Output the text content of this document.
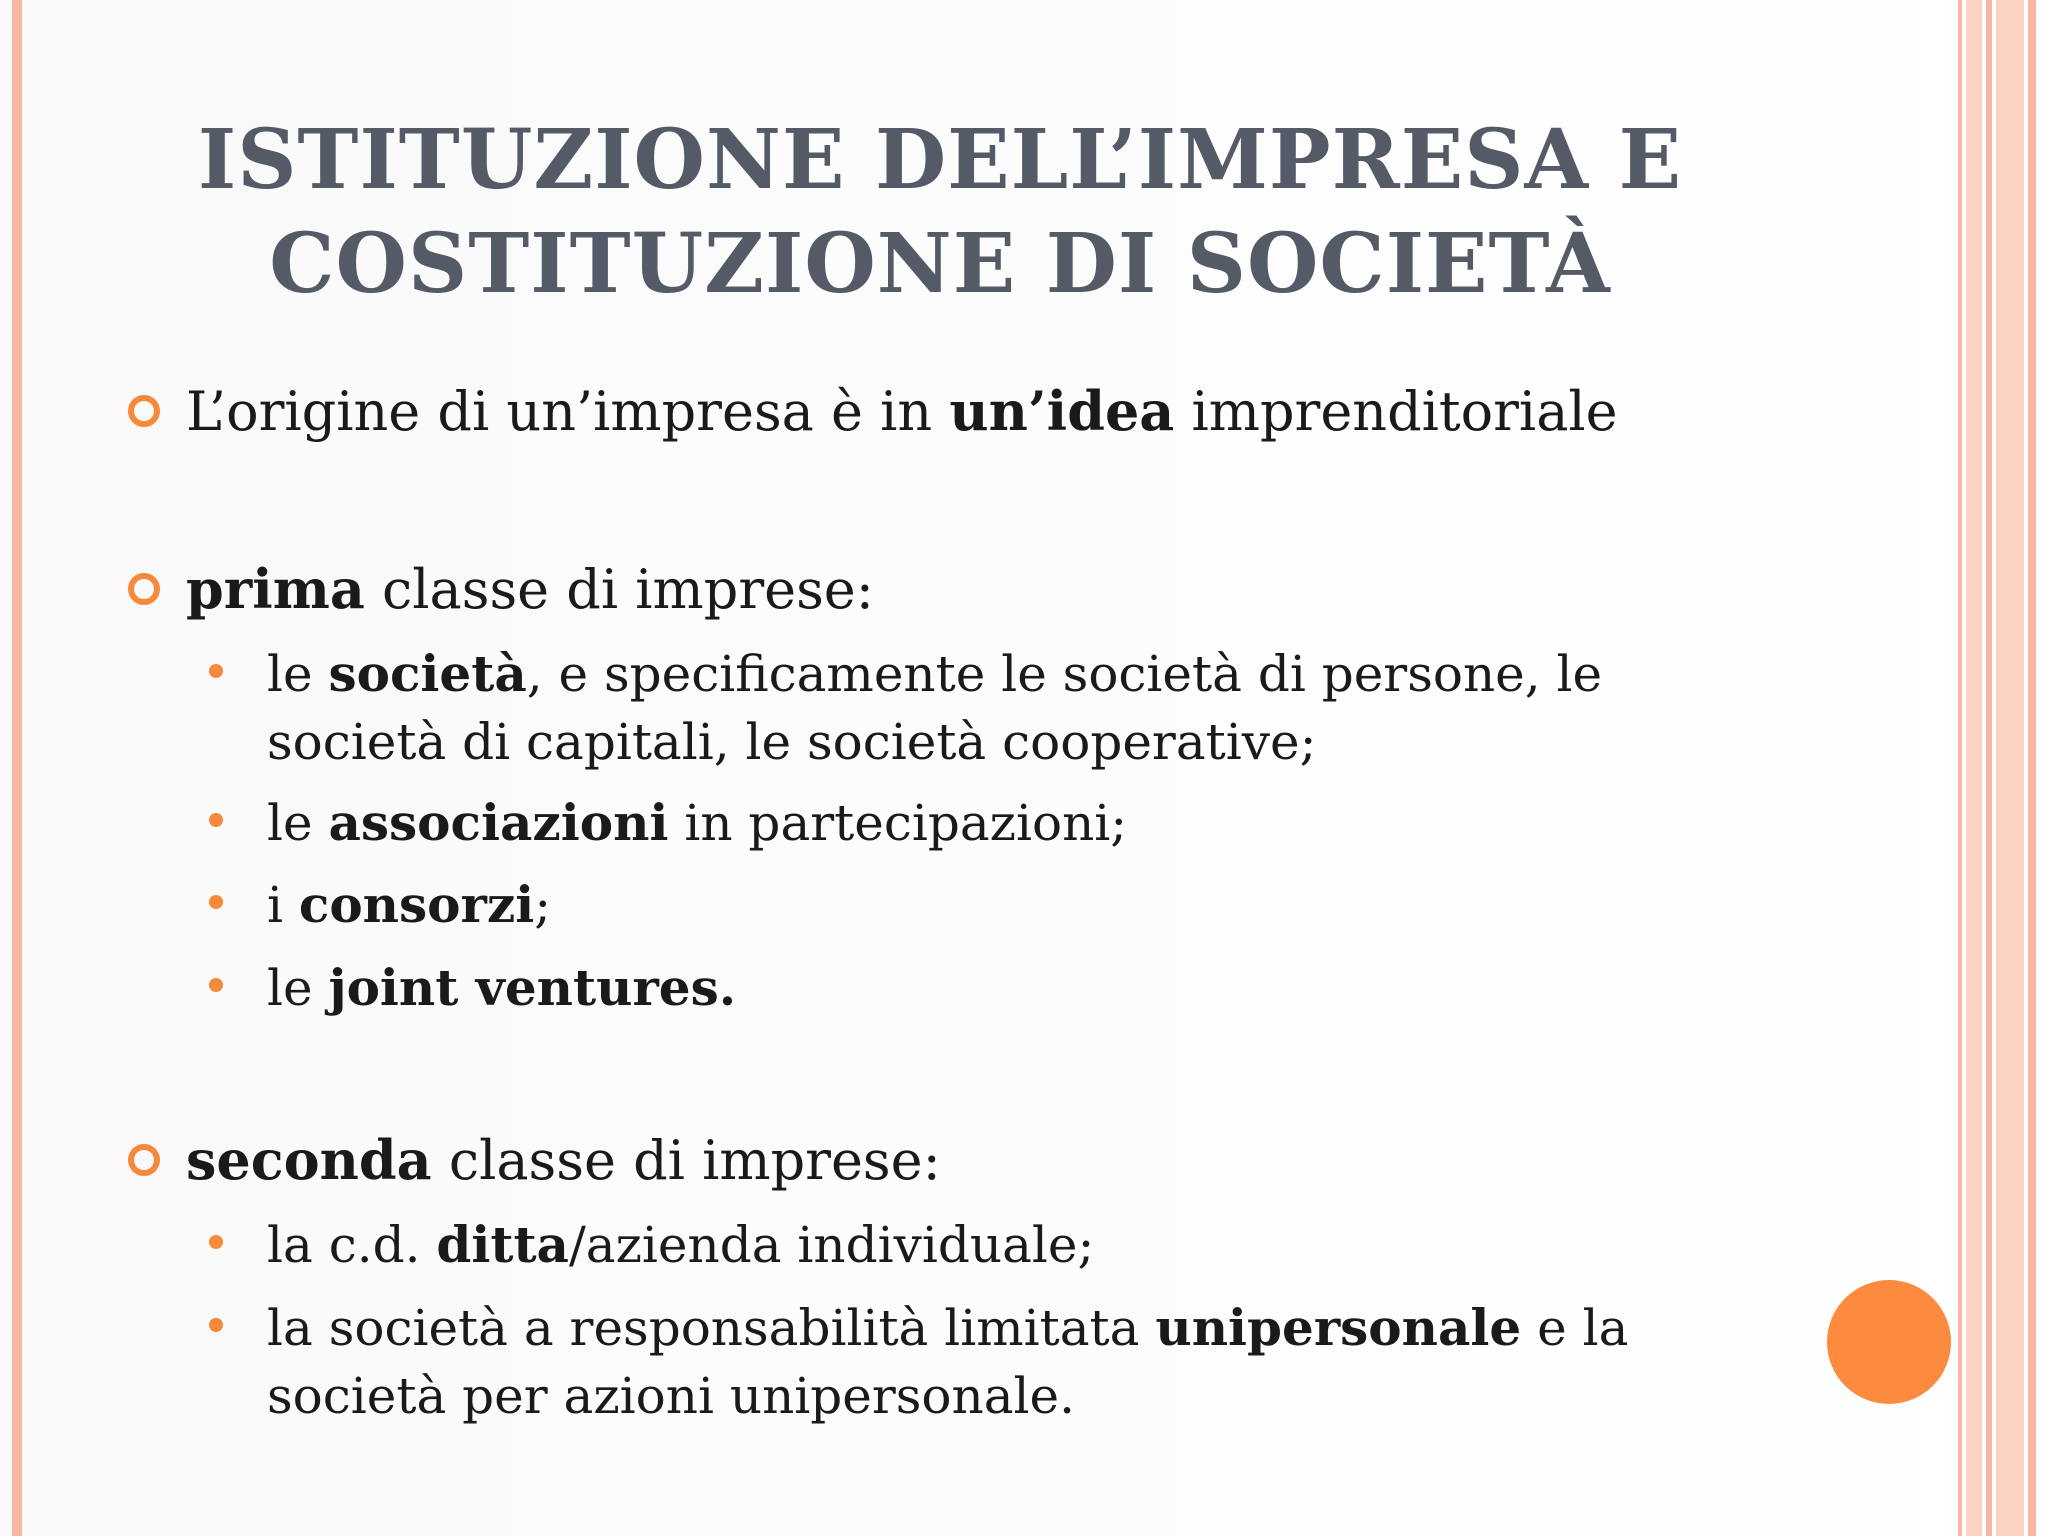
ISTITUZIONE DELL’IMPRESA E
COSTITUZIONE DI SOCIETÀ
L’origine di un’impresa è in un’idea imprenditoriale
prima classe di imprese:
le società, e specificamente le società di persone, le società di capitali, le società cooperative;
le associazioni in partecipazioni;
i consorzi;
le joint ventures.
seconda classe di imprese:
la c.d. ditta/azienda individuale;
la società a responsabilità limitata unipersonale e la società per azioni unipersonale.
